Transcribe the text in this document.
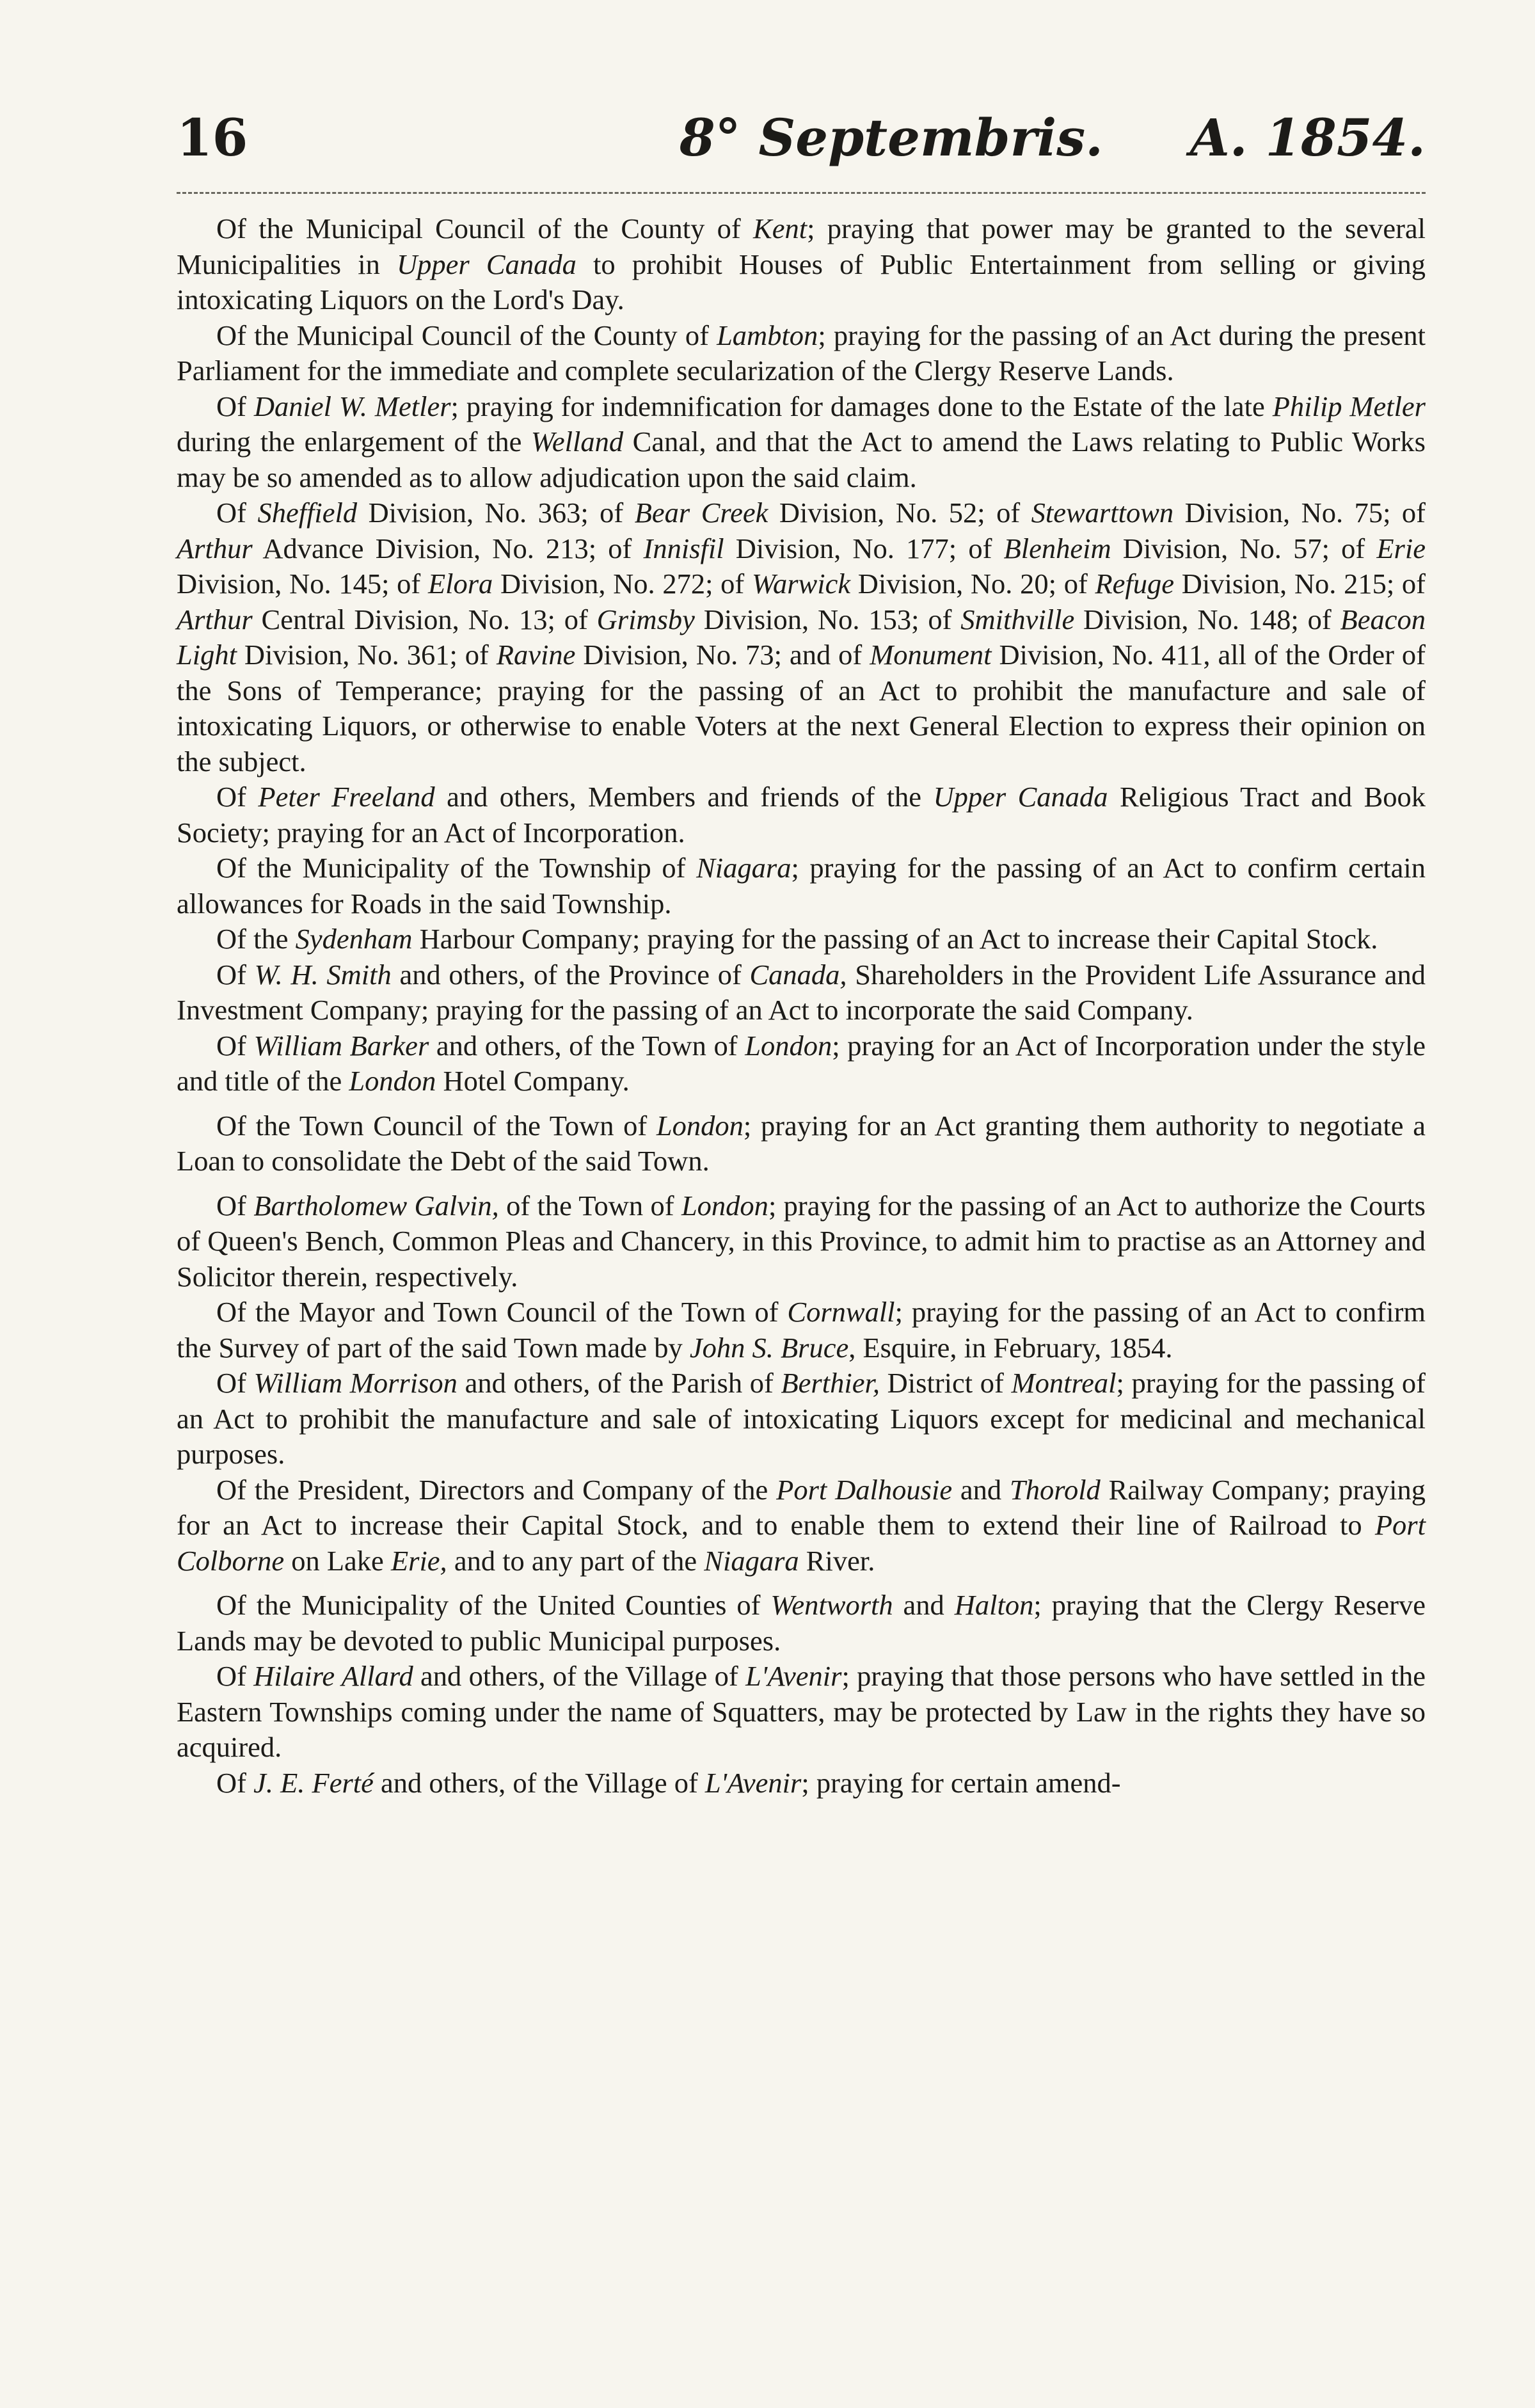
16	8° Septembris. A. 1854.

Of the Municipal Council of the County of Kent; praying that power may be granted to the several Municipalities in Upper Canada to prohibit Houses of Public Entertainment from selling or giving intoxicating Liquors on the Lord's Day.

Of the Municipal Council of the County of Lambton; praying for the passing of an Act during the present Parliament for the immediate and complete secularization of the Clergy Reserve Lands.

Of Daniel W. Metler; praying for indemnification for damages done to the Estate of the late Philip Metler during the enlargement of the Welland Canal, and that the Act to amend the Laws relating to Public Works may be so amended as to allow adjudication upon the said claim.

Of Sheffield Division, No. 363; of Bear Creek Division, No. 52; of Stewarttown Division, No. 75; of Arthur Advance Division, No. 213; of Innisfil Division, No. 177; of Blenheim Division, No. 57; of Erie Division, No. 145; of Elora Division, No. 272; of Warwick Division, No. 20; of Refuge Division, No. 215; of Arthur Central Division, No. 13; of Grimsby Division, No. 153; of Smithville Division, No. 148; of Beacon Light Division, No. 361; of Ravine Division, No. 73; and of Monument Division, No. 411, all of the Order of the Sons of Temperance; praying for the passing of an Act to prohibit the manufacture and sale of intoxicating Liquors, or otherwise to enable Voters at the next General Election to express their opinion on the subject.

Of Peter Freeland and others, Members and friends of the Upper Canada Religious Tract and Book Society; praying for an Act of Incorporation.

Of the Municipality of the Township of Niagara; praying for the passing of an Act to confirm certain allowances for Roads in the said Township.

Of the Sydenham Harbour Company; praying for the passing of an Act to increase their Capital Stock.

Of W. H. Smith and others, of the Province of Canada, Shareholders in the Provident Life Assurance and Investment Company; praying for the passing of an Act to incorporate the said Company.

Of William Barker and others, of the Town of London; praying for an Act of Incorporation under the style and title of the London Hotel Company.

Of the Town Council of the Town of London; praying for an Act granting them authority to negotiate a Loan to consolidate the Debt of the said Town.

Of Bartholomew Galvin, of the Town of London; praying for the passing of an Act to authorize the Courts of Queen's Bench, Common Pleas and Chancery, in this Province, to admit him to practise as an Attorney and Solicitor therein, respectively.

Of the Mayor and Town Council of the Town of Cornwall; praying for the passing of an Act to confirm the Survey of part of the said Town made by John S. Bruce, Esquire, in February, 1854.

Of William Morrison and others, of the Parish of Berthier, District of Montreal; praying for the passing of an Act to prohibit the manufacture and sale of intoxicating Liquors except for medicinal and mechanical purposes.

Of the President, Directors and Company of the Port Dalhousie and Thorold Railway Company; praying for an Act to increase their Capital Stock, and to enable them to extend their line of Railroad to Port Colborne on Lake Erie, and to any part of the Niagara River.

Of the Municipality of the United Counties of Wentworth and Halton; praying that the Clergy Reserve Lands may be devoted to public Municipal purposes.

Of Hilaire Allard and others, of the Village of L'Avenir; praying that those persons who have settled in the Eastern Townships coming under the name of Squatters, may be protected by Law in the rights they have so acquired.

Of J. E. Ferté and others, of the Village of L'Avenir; praying for certain amend-
